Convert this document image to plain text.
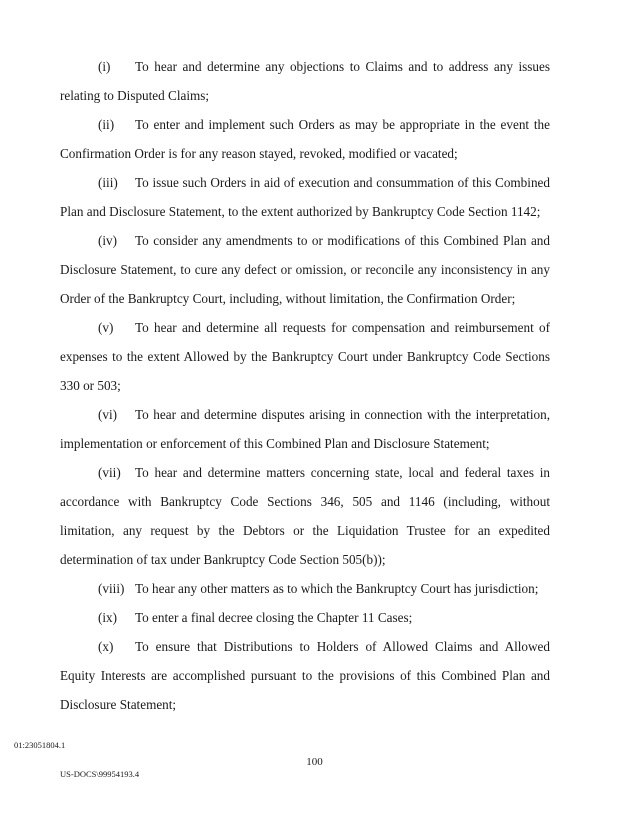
(i) To hear and determine any objections to Claims and to address any issues relating to Disputed Claims;

(ii) To enter and implement such Orders as may be appropriate in the event the Confirmation Order is for any reason stayed, revoked, modified or vacated;

(iii) To issue such Orders in aid of execution and consummation of this Combined Plan and Disclosure Statement, to the extent authorized by Bankruptcy Code Section 1142;

(iv) To consider any amendments to or modifications of this Combined Plan and Disclosure Statement, to cure any defect or omission, or reconcile any inconsistency in any Order of the Bankruptcy Court, including, without limitation, the Confirmation Order;

(v) To hear and determine all requests for compensation and reimbursement of expenses to the extent Allowed by the Bankruptcy Court under Bankruptcy Code Sections 330 or 503;

(vi) To hear and determine disputes arising in connection with the interpretation, implementation or enforcement of this Combined Plan and Disclosure Statement;

(vii) To hear and determine matters concerning state, local and federal taxes in accordance with Bankruptcy Code Sections 346, 505 and 1146 (including, without limitation, any request by the Debtors or the Liquidation Trustee for an expedited determination of tax under Bankruptcy Code Section 505(b));

(viii) To hear any other matters as to which the Bankruptcy Court has jurisdiction;

(ix) To enter a final decree closing the Chapter 11 Cases;

(x) To ensure that Distributions to Holders of Allowed Claims and Allowed Equity Interests are accomplished pursuant to the provisions of this Combined Plan and Disclosure Statement;

01:23051804.1
100
US-DOCS\99954193.4
